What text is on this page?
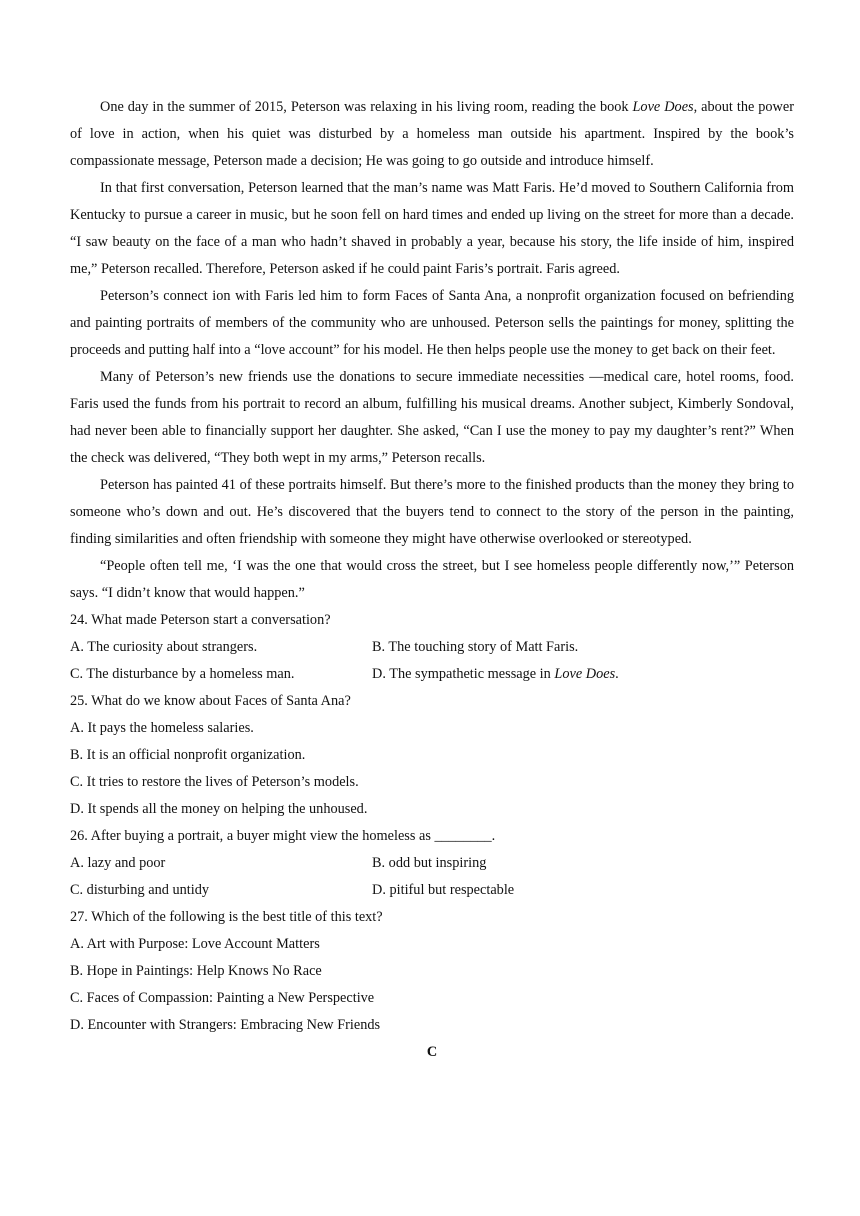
One day in the summer of 2015, Peterson was relaxing in his living room, reading the book Love Does, about the power of love in action, when his quiet was disturbed by a homeless man outside his apartment. Inspired by the book’s compassionate message, Peterson made a decision; He was going to go outside and introduce himself.

In that first conversation, Peterson learned that the man’s name was Matt Faris. He’d moved to Southern California from Kentucky to pursue a career in music, but he soon fell on hard times and ended up living on the street for more than a decade. “I saw beauty on the face of a man who hadn’t shaved in probably a year, because his story, the life inside of him, inspired me,” Peterson recalled. Therefore, Peterson asked if he could paint Faris’s portrait. Faris agreed.

Peterson’s connect ion with Faris led him to form Faces of Santa Ana, a nonprofit organization focused on befriending and painting portraits of members of the community who are unhoused. Peterson sells the paintings for money, splitting the proceeds and putting half into a “love account” for his model. He then helps people use the money to get back on their feet.

Many of Peterson’s new friends use the donations to secure immediate necessities —medical care, hotel rooms, food. Faris used the funds from his portrait to record an album, fulfilling his musical dreams. Another subject, Kimberly Sondoval, had never been able to financially support her daughter. She asked, “Can I use the money to pay my daughter’s rent?” When the check was delivered, “They both wept in my arms,” Peterson recalls.

Peterson has painted 41 of these portraits himself. But there’s more to the finished products than the money they bring to someone who’s down and out. He’s discovered that the buyers tend to connect to the story of the person in the painting, finding similarities and often friendship with someone they might have otherwise overlooked or stereotyped.

“People often tell me, ‘I was the one that would cross the street, but I see homeless people differently now,’” Peterson says. “I didn’t know that would happen.”

24. What made Peterson start a conversation?

A. The curiosity about strangers.	B. The touching story of Matt Faris.
C. The disturbance by a homeless man.	D. The sympathetic message in Love Does.

25. What do we know about Faces of Santa Ana?

A. It pays the homeless salaries.

B. It is an official nonprofit organization.

C. It tries to restore the lives of Peterson’s models.

D. It spends all the money on helping the unhoused.

26. After buying a portrait, a buyer might view the homeless as ________.

A. lazy and poor	B. odd but inspiring
C. disturbing and untidy	D. pitiful but respectable

27. Which of the following is the best title of this text?

A. Art with Purpose: Love Account Matters

B. Hope in Paintings: Help Knows No Race

C. Faces of Compassion: Painting a New Perspective

D. Encounter with Strangers: Embracing New Friends

C
